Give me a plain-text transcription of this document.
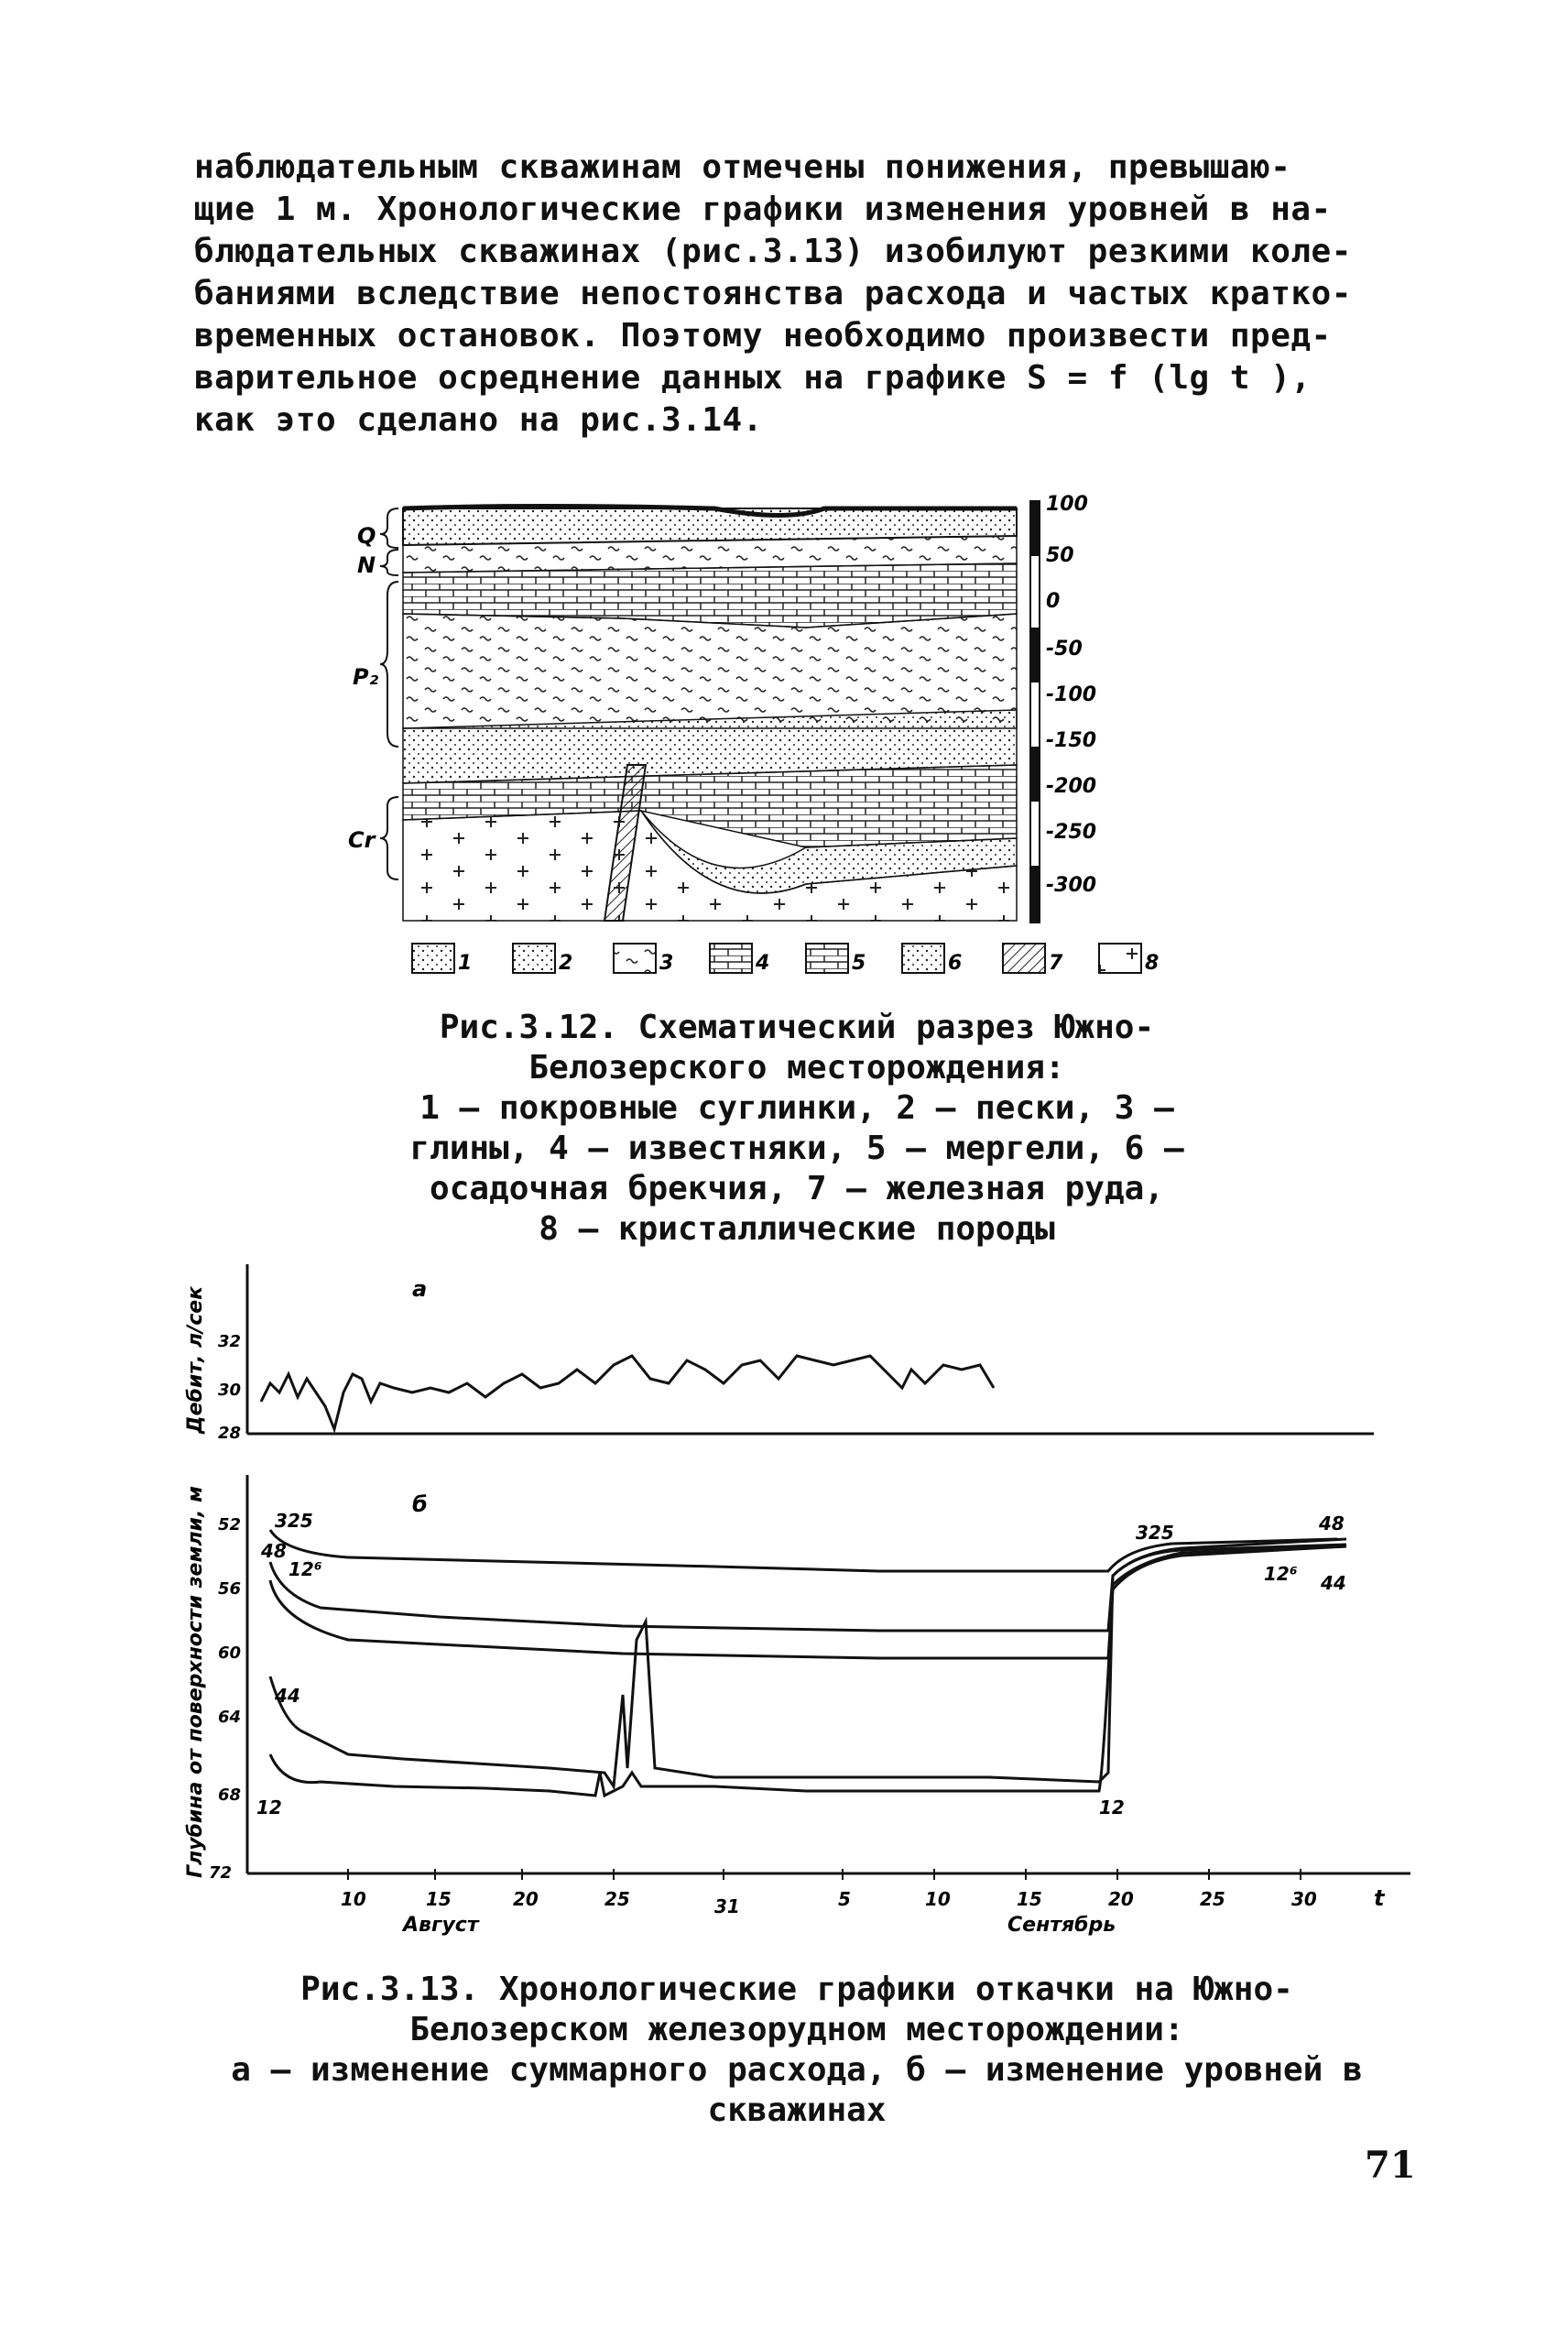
наблюдательным скважинам отмечены понижения, превышаю-
щие 1 м. Хронологические графики изменения уровней в на-
блюдательных скважинах (рис.3.13) изобилуют резкими коле-
баниями вследствие непостоянства расхода и частых кратко-
временных остановок. Поэтому необходимо произвести пред-
варительное осреднение данных на графике S = f (lg t ),
как это сделано на рис.3.14.
Q
N
P₂
Cr
100
50
0
-50
-100
-150
-200
-250
-300
1	2	3	4	5	6	7	8
Рис.3.12. Схематический разрез Южно-
Белозерского месторождения:
1 – покровные суглинки, 2 – пески, 3 –
глины, 4 – известняки, 5 – мергели, 6 –
осадочная брекчия, 7 – железная руда,
8 – кристаллические породы
а
Дебит, л/сек 32
30
28
б
Глубина от поверхности земли, м 52
56
60
64
68
72
325
48
12⁶
44
12
325	48
12⁶ 44
12
10	15	20	25	31	5	10	15	20	25	30	t
Август	Сентябрь
Рис.3.13. Хронологические графики откачки на Южно-
Белозерском железорудном месторождении:
а – изменение суммарного расхода, б – изменение уровней в
скважинах
71
